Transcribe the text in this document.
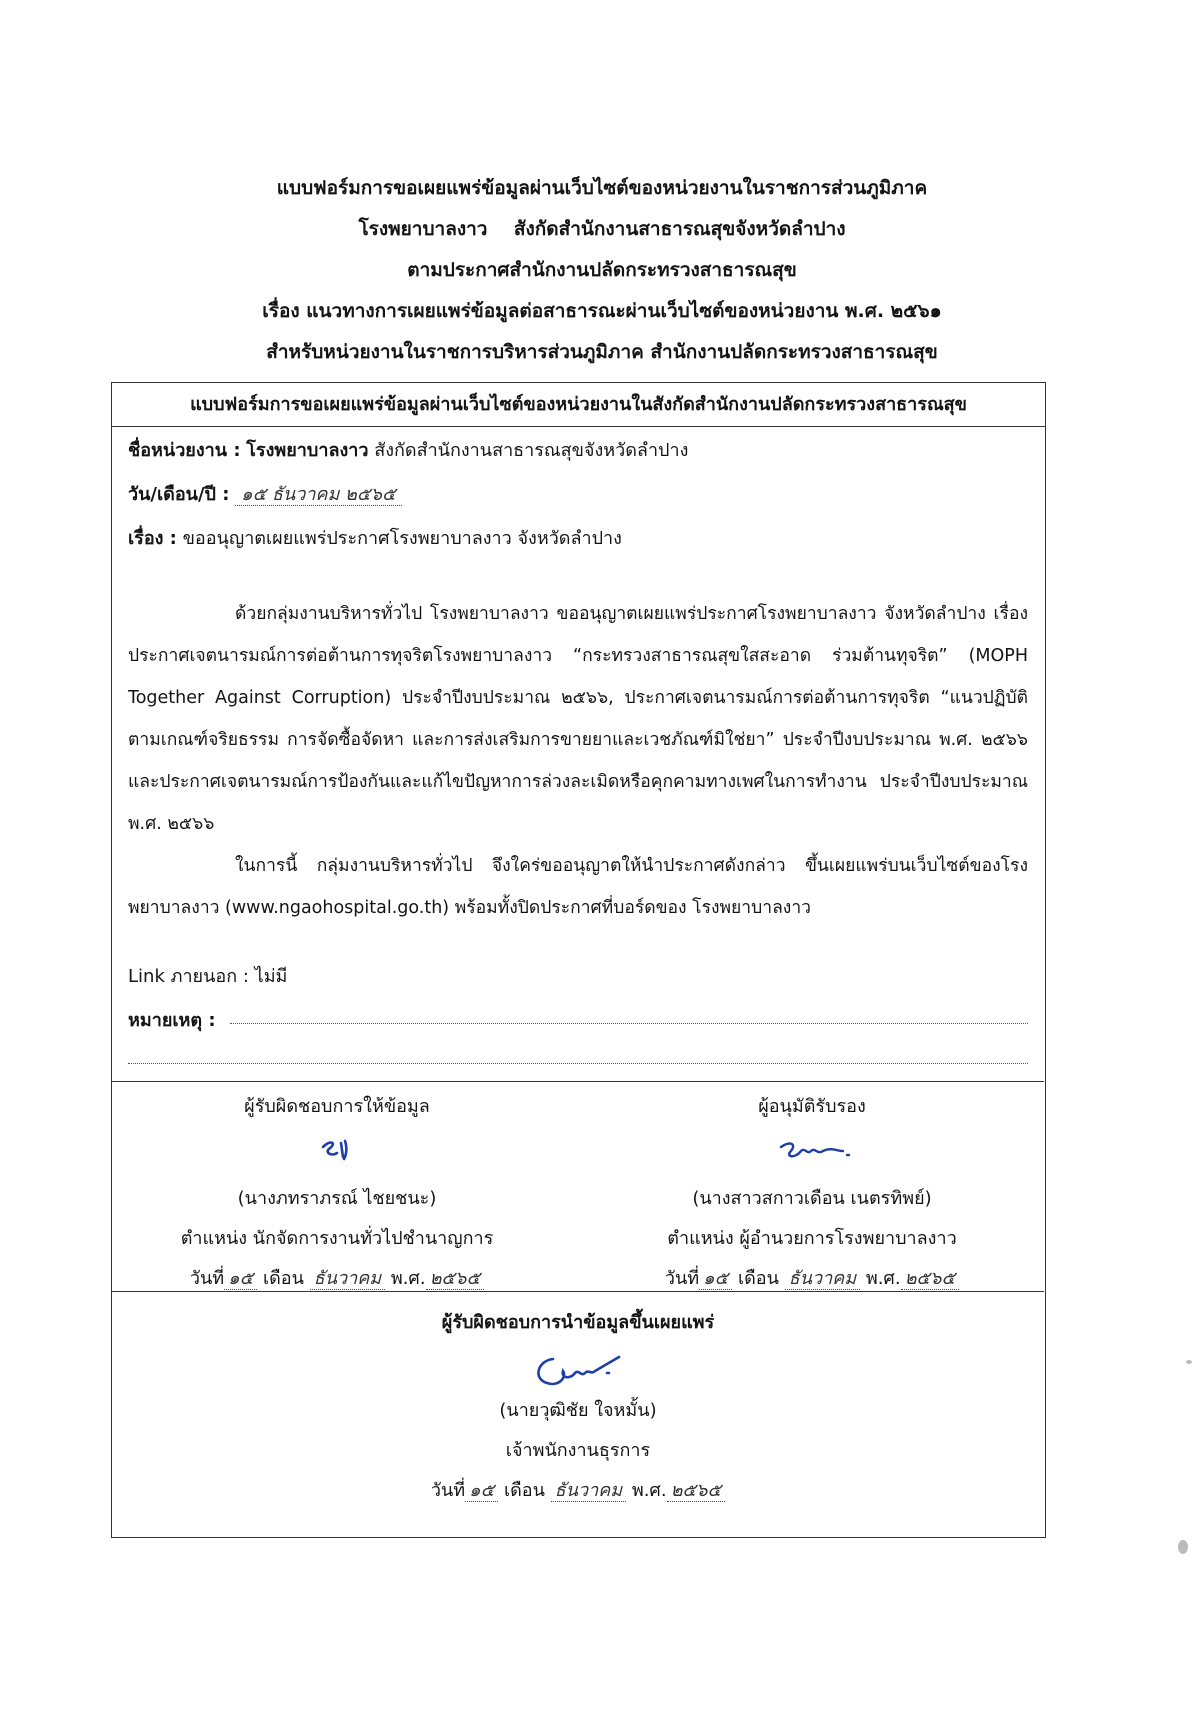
แบบฟอร์มการขอเผยแพร่ข้อมูลผ่านเว็บไซต์ของหน่วยงานในราชการส่วนภูมิภาค
โรงพยาบาลงาว    สังกัดสำนักงานสาธารณสุขจังหวัดลำปาง
ตามประกาศสำนักงานปลัดกระทรวงสาธารณสุข
เรื่อง แนวทางการเผยแพร่ข้อมูลต่อสาธารณะผ่านเว็บไซต์ของหน่วยงาน พ.ศ. ๒๕๖๑
สำหรับหน่วยงานในราชการบริหารส่วนภูมิภาค สำนักงานปลัดกระทรวงสาธารณสุข
แบบฟอร์มการขอเผยแพร่ข้อมูลผ่านเว็บไซต์ของหน่วยงานในสังกัดสำนักงานปลัดกระทรวงสาธารณสุข
ชื่อหน่วยงาน : โรงพยาบาลงาว สังกัดสำนักงานสาธารณสุขจังหวัดลำปาง
วัน/เดือน/ปี : ๑๕ ธันวาคม ๒๕๖๕
เรื่อง : ขออนุญาตเผยแพร่ประกาศโรงพยาบาลงาว จังหวัดลำปาง

ด้วยกลุ่มงานบริหารทั่วไป โรงพยาบาลงาว ขออนุญาตเผยแพร่ประกาศโรงพยาบาลงาว จังหวัดลำปาง เรื่อง ประกาศเจตนารมณ์การต่อต้านการทุจริตโรงพยาบาลงาว “กระทรวงสาธารณสุขใสสะอาด ร่วมต้านทุจริต” (MOPH Together Against Corruption) ประจำปีงบประมาณ ๒๕๖๖, ประกาศเจตนารมณ์การต่อต้านการทุจริต “แนวปฏิบัติตามเกณฑ์จริยธรรม การจัดซื้อจัดหา และการส่งเสริมการขายยาและเวชภัณฑ์มิใช่ยา” ประจำปีงบประมาณ พ.ศ. ๒๕๖๖ และประกาศเจตนารมณ์การป้องกันและแก้ไขปัญหาการล่วงละเมิดหรือคุกคามทางเพศในการทำงาน ประจำปีงบประมาณ พ.ศ. ๒๕๖๖

ในการนี้ กลุ่มงานบริหารทั่วไป จึงใคร่ขออนุญาตให้นำประกาศดังกล่าว ขึ้นเผยแพร่บนเว็บไซต์ของโรงพยาบาลงาว (www.ngaohospital.go.th) พร้อมทั้งปิดประกาศที่บอร์ดของ โรงพยาบาลงาว

Link ภายนอก : ไม่มี
หมายเหตุ :
ผู้รับผิดชอบการให้ข้อมูล
(นางภทราภรณ์ ไชยชนะ)
ตำแหน่ง นักจัดการงานทั่วไปชำนาญการ
วันที่ ๑๕ เดือน ธันวาคม พ.ศ. ๒๕๖๕
ผู้อนุมัติรับรอง
(นางสาวสกาวเดือน เนตรทิพย์)
ตำแหน่ง ผู้อำนวยการโรงพยาบาลงาว
วันที่ ๑๕ เดือน ธันวาคม พ.ศ. ๒๕๖๕
ผู้รับผิดชอบการนำข้อมูลขึ้นเผยแพร่
(นายวุฒิชัย ใจหมั้น)
เจ้าพนักงานธุรการ
วันที่ ๑๕ เดือน ธันวาคม พ.ศ. ๒๕๖๕
